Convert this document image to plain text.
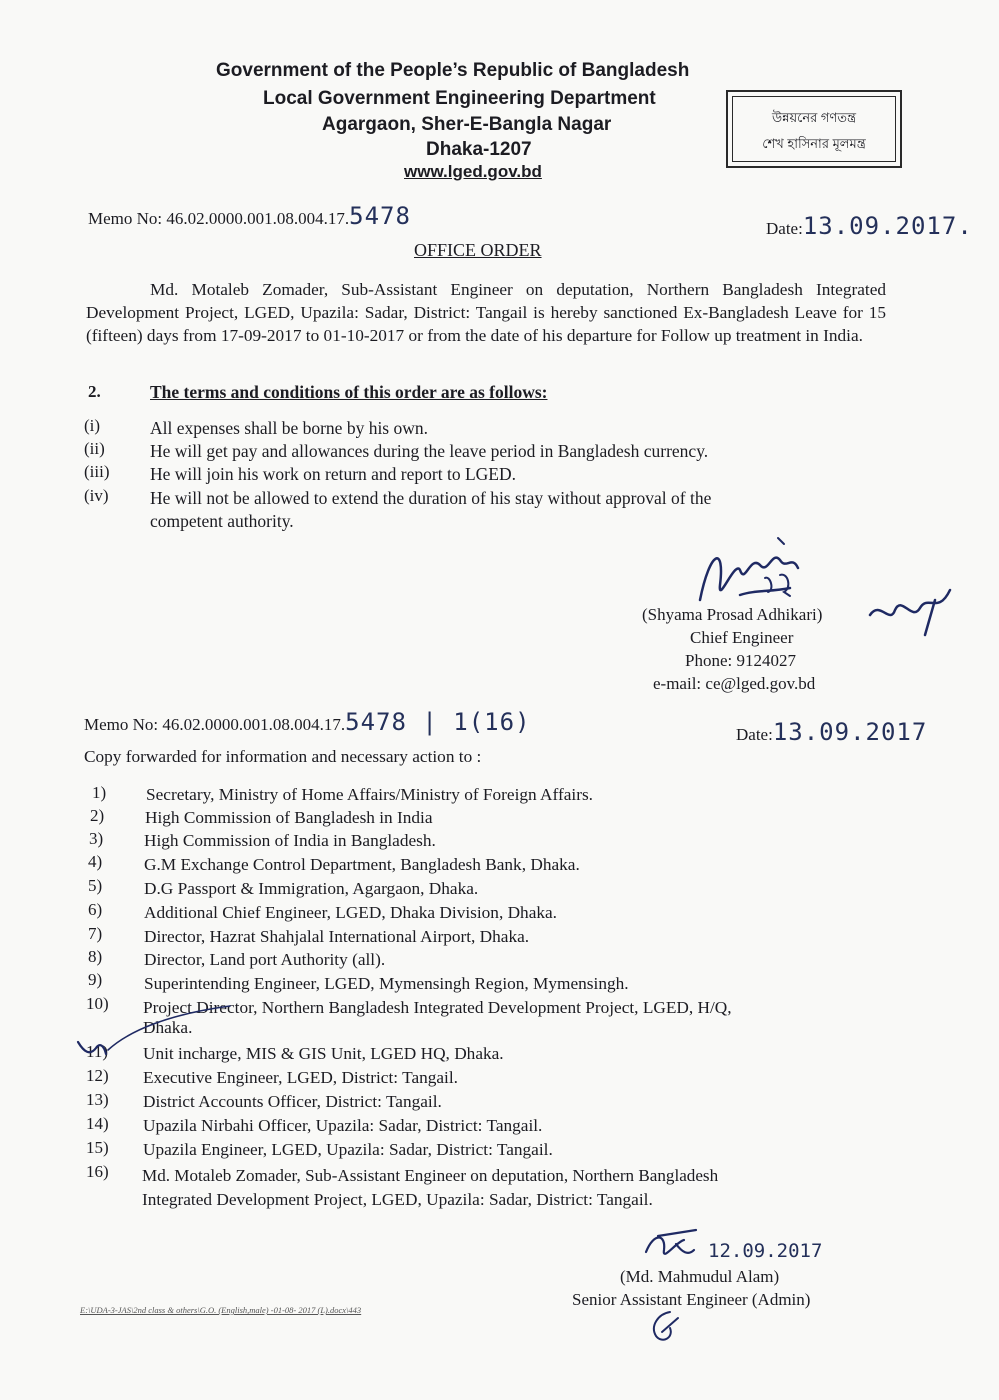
Government of the People’s Republic of Bangladesh
Local Government Engineering Department
Agargaon, Sher-E-Bangla Nagar
Dhaka-1207
www.lged.gov.bd
উন্নয়নের গণতন্ত্র
শেখ হাসিনার মূলমন্ত্র
Memo No: 46.02.0000.001.08.004.17.5478	Date:13.09.2017.
OFFICE ORDER
Md. Motaleb Zomader, Sub-Assistant Engineer on deputation, Northern Bangladesh Integrated Development Project, LGED, Upazila: Sadar, District: Tangail is hereby sanctioned Ex-Bangladesh Leave for 15 (fifteen) days from 17-09-2017 to 01-10-2017 or from the date of his departure for Follow up treatment in India.
2.	The terms and conditions of this order are as follows:
(i)	All expenses shall be borne by his own.
(ii)	He will get pay and allowances during the leave period in Bangladesh currency.
(iii) He will join his work on return and report to LGED.
(iv) He will not be allowed to extend the duration of his stay without approval of the
competent authority.
(Shyama Prosad Adhikari)
Chief Engineer
Phone: 9124027
e-mail: ce@lged.gov.bd
Memo No: 46.02.0000.001.08.004.17.5478 | 1(16)	Date:13.09.2017
Copy forwarded for information and necessary action to :
1)	Secretary, Ministry of Home Affairs/Ministry of Foreign Affairs.
2)	High Commission of Bangladesh in India
3)	High Commission of India in Bangladesh.
4)	G.M Exchange Control Department, Bangladesh Bank, Dhaka.
5)	D.G Passport & Immigration, Agargaon, Dhaka.
6)	Additional Chief Engineer, LGED, Dhaka Division, Dhaka.
7)	Director, Hazrat Shahjalal International Airport, Dhaka.
8)	Director, Land port Authority (all).
9)	Superintending Engineer, LGED, Mymensingh Region, Mymensingh.
10)	Project Director, Northern Bangladesh Integrated Development Project, LGED, H/Q,
Dhaka.
11)	Unit incharge, MIS & GIS Unit, LGED HQ, Dhaka.
12)	Executive Engineer, LGED, District: Tangail.
13)	District Accounts Officer, District: Tangail.
14)	Upazila Nirbahi Officer, Upazila: Sadar, District: Tangail.
15)	Upazila Engineer, LGED, Upazila: Sadar, District: Tangail.
16)	Md. Motaleb Zomader, Sub-Assistant Engineer on deputation, Northern Bangladesh
Integrated Development Project, LGED, Upazila: Sadar, District: Tangail.
12.09.2017
(Md. Mahmudul Alam)
Senior Assistant Engineer (Admin)
E:\UDA-3-JAS\2nd class & others\G.O. (English,male) -01-08- 2017 (L).docx\443
